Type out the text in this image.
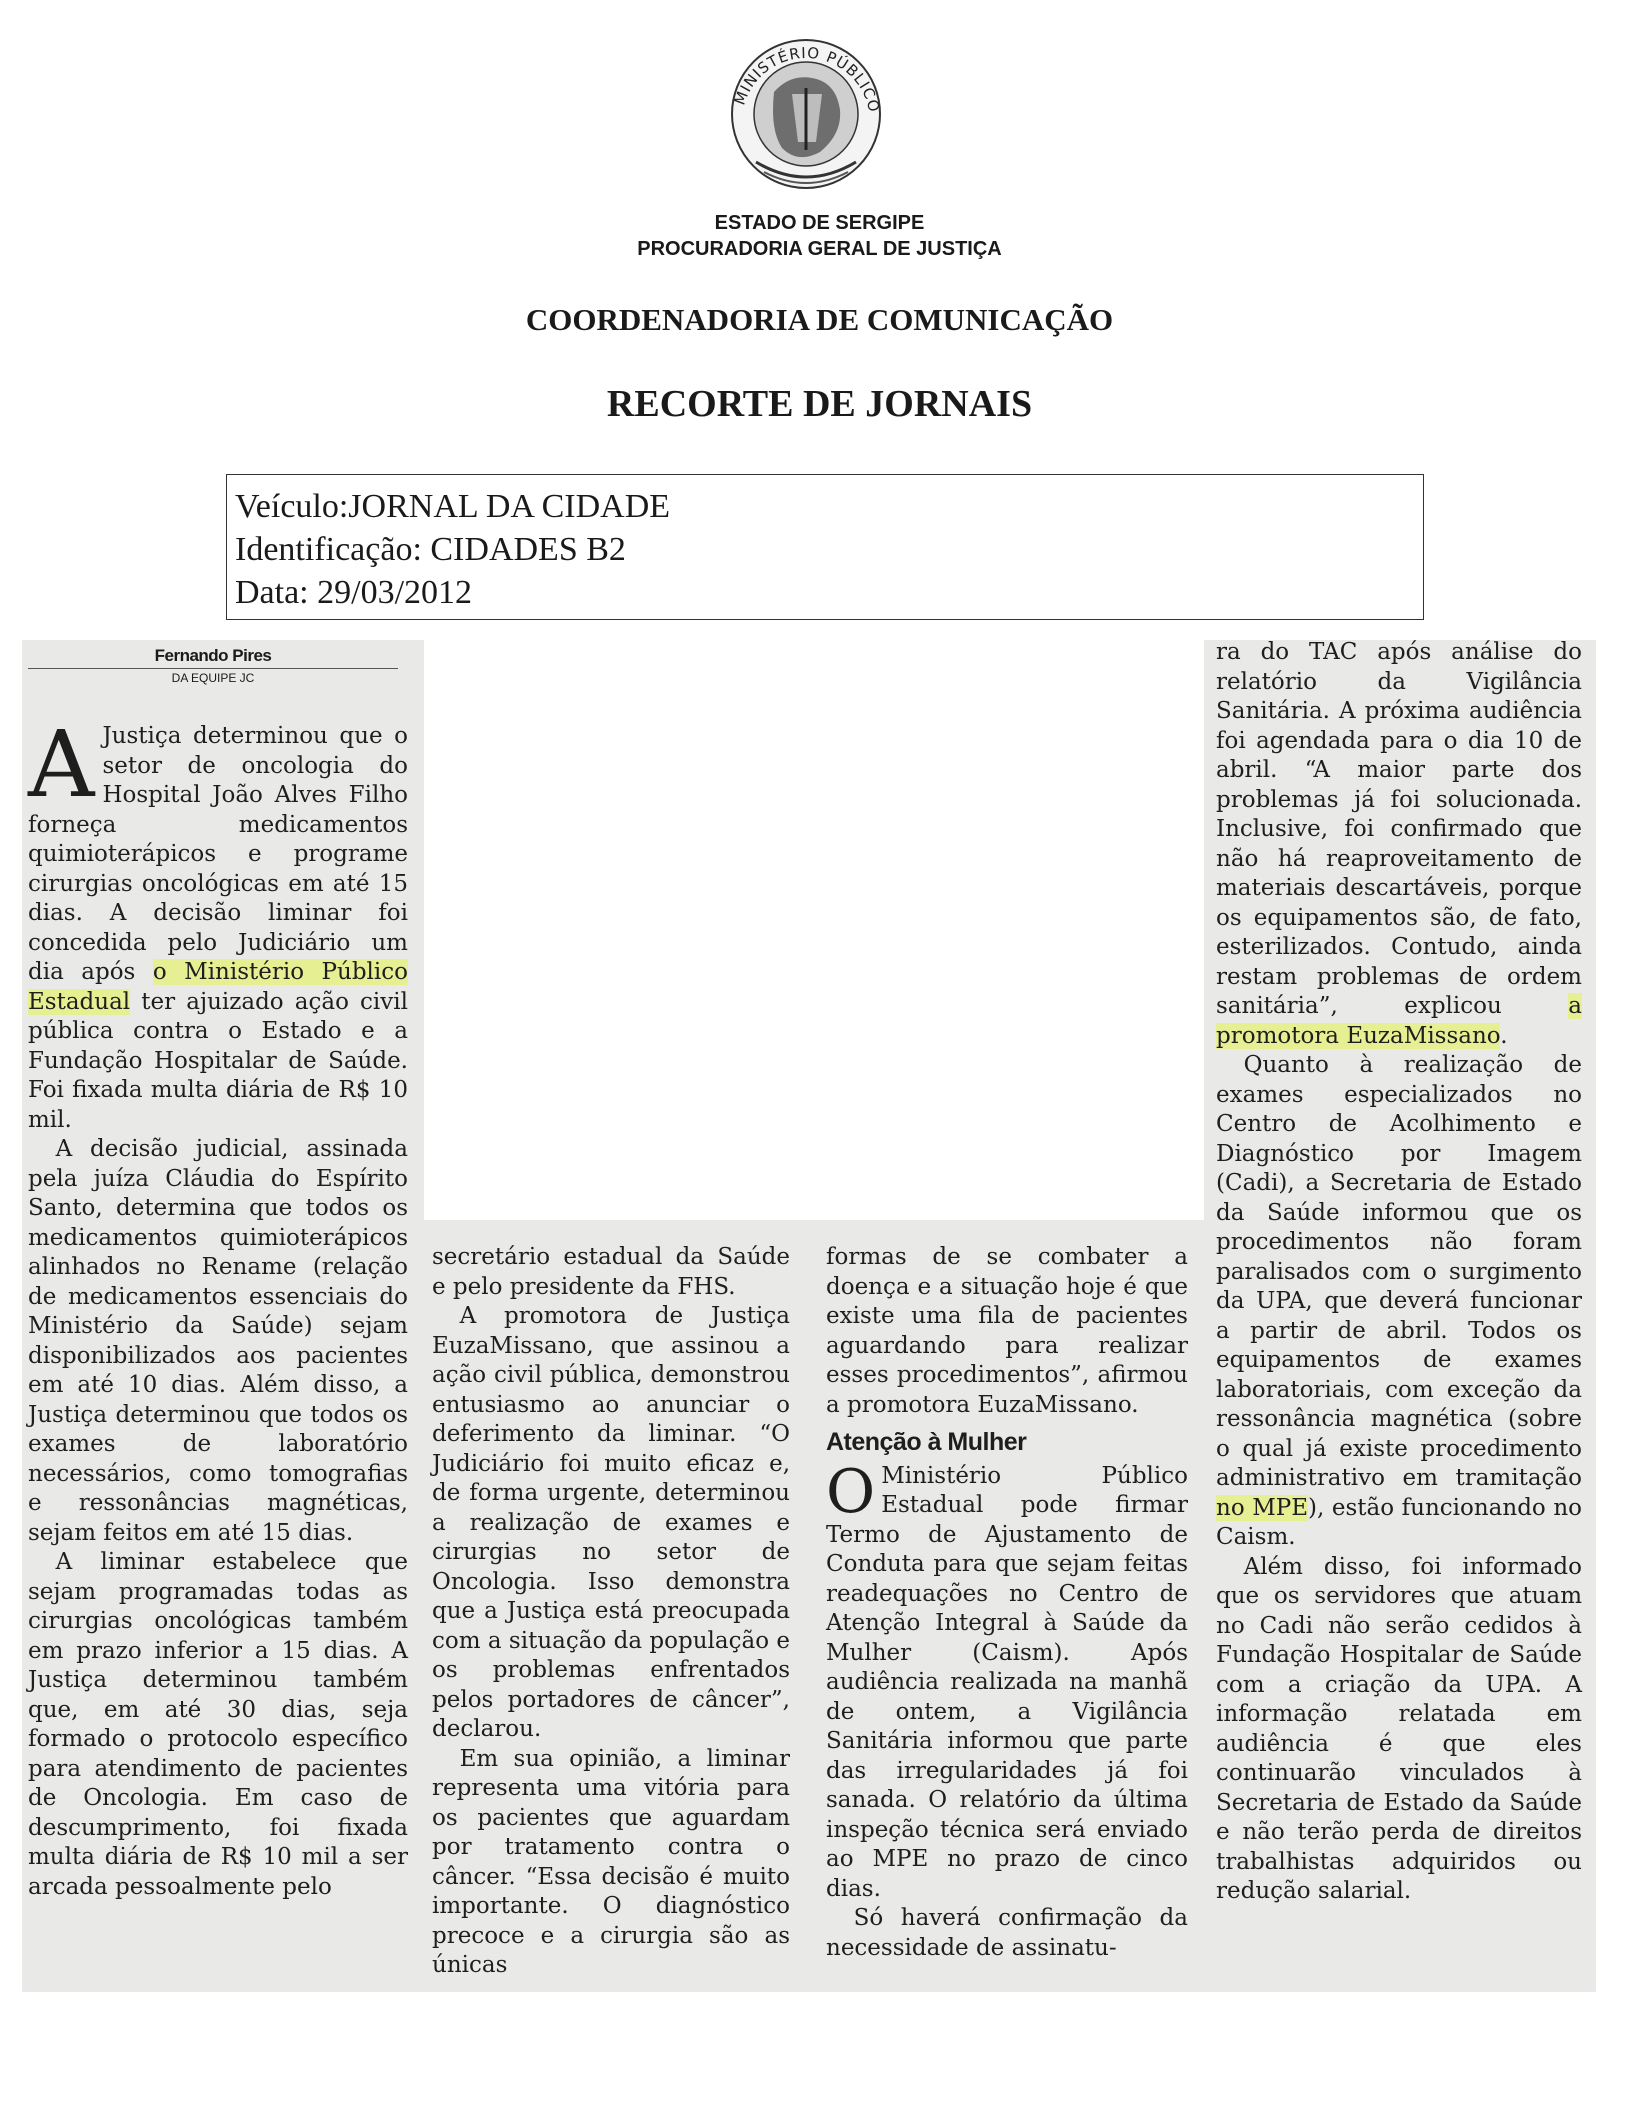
MINISTÉRIO PÚBLICO
ESTADO DE SERGIPE
PROCURADORIA GERAL DE JUSTIÇA
COORDENADORIA DE COMUNICAÇÃO
RECORTE DE JORNAIS
Veículo:JORNAL DA CIDADE
Identificação: CIDADES B2
Data: 29/03/2012
Fernando Pires
DA EQUIPE JC

A Justiça determinou que o setor de oncologia do Hospital João Alves Filho forneça medicamentos quimioterápicos e programe cirurgias oncológicas em até 15 dias. A decisão liminar foi concedida pelo Judiciário um dia após o Ministério Público Estadual ter ajuizado ação civil pública contra o Estado e a Fundação Hospitalar de Saúde. Foi fixada multa diária de R$ 10 mil.

A decisão judicial, assinada pela juíza Cláudia do Espírito Santo, determina que todos os medicamentos quimioterápicos alinhados no Rename (relação de medicamentos essenciais do Ministério da Saúde) sejam disponibilizados aos pacientes em até 10 dias. Além disso, a Justiça determinou que todos os exames de laboratório necessários, como tomografias e ressonâncias magnéticas, sejam feitos em até 15 dias.

A liminar estabelece que sejam programadas todas as cirurgias oncológicas também em prazo inferior a 15 dias. A Justiça determinou também que, em até 30 dias, seja formado o protocolo específico para atendimento de pacientes de Oncologia. Em caso de descumprimento, foi fixada multa diária de R$ 10 mil a ser arcada pessoalmente pelo

secretário estadual da Saúde e pelo presidente da FHS.

A promotora de Justiça EuzaMissano, que assinou a ação civil pública, demonstrou entusiasmo ao anunciar o deferimento da liminar. “O Judiciário foi muito eficaz e, de forma urgente, determinou a realização de exames e cirurgias no setor de Oncologia. Isso demonstra que a Justiça está preocupada com a situação da população e os problemas enfrentados pelos portadores de câncer”, declarou.

Em sua opinião, a liminar representa uma vitória para os pacientes que aguardam por tratamento contra o câncer. “Essa decisão é muito importante. O diagnóstico precoce e a cirurgia são as únicas

formas de se combater a doença e a situação hoje é que existe uma fila de pacientes aguardando para realizar esses procedimentos”, afirmou a promotora EuzaMissano.

Atenção à Mulher

O Ministério Público Estadual pode firmar Termo de Ajustamento de Conduta para que sejam feitas readequações no Centro de Atenção Integral à Saúde da Mulher (Caism). Após audiência realizada na manhã de ontem, a Vigilância Sanitária informou que parte das irregularidades já foi sanada. O relatório da última inspeção técnica será enviado ao MPE no prazo de cinco dias.

Só haverá confirmação da necessidade de assinatu-

ra do TAC após análise do relatório da Vigilância Sanitária. A próxima audiência foi agendada para o dia 10 de abril. “A maior parte dos problemas já foi solucionada. Inclusive, foi confirmado que não há reaproveitamento de materiais descartáveis, porque os equipamentos são, de fato, esterilizados. Contudo, ainda restam problemas de ordem sanitária”, explicou a promotora EuzaMissano.

Quanto à realização de exames especializados no Centro de Acolhimento e Diagnóstico por Imagem (Cadi), a Secretaria de Estado da Saúde informou que os procedimentos não foram paralisados com o surgimento da UPA, que deverá funcionar a partir de abril. Todos os equipamentos de exames laboratoriais, com exceção da ressonância magnética (sobre o qual já existe procedimento administrativo em tramitação no MPE), estão funcionando no Caism.

Além disso, foi informado que os servidores que atuam no Cadi não serão cedidos à Fundação Hospitalar de Saúde com a criação da UPA. A informação relatada em audiência é que eles continuarão vinculados à Secretaria de Estado da Saúde e não terão perda de direitos trabalhistas adquiridos ou redução salarial.
